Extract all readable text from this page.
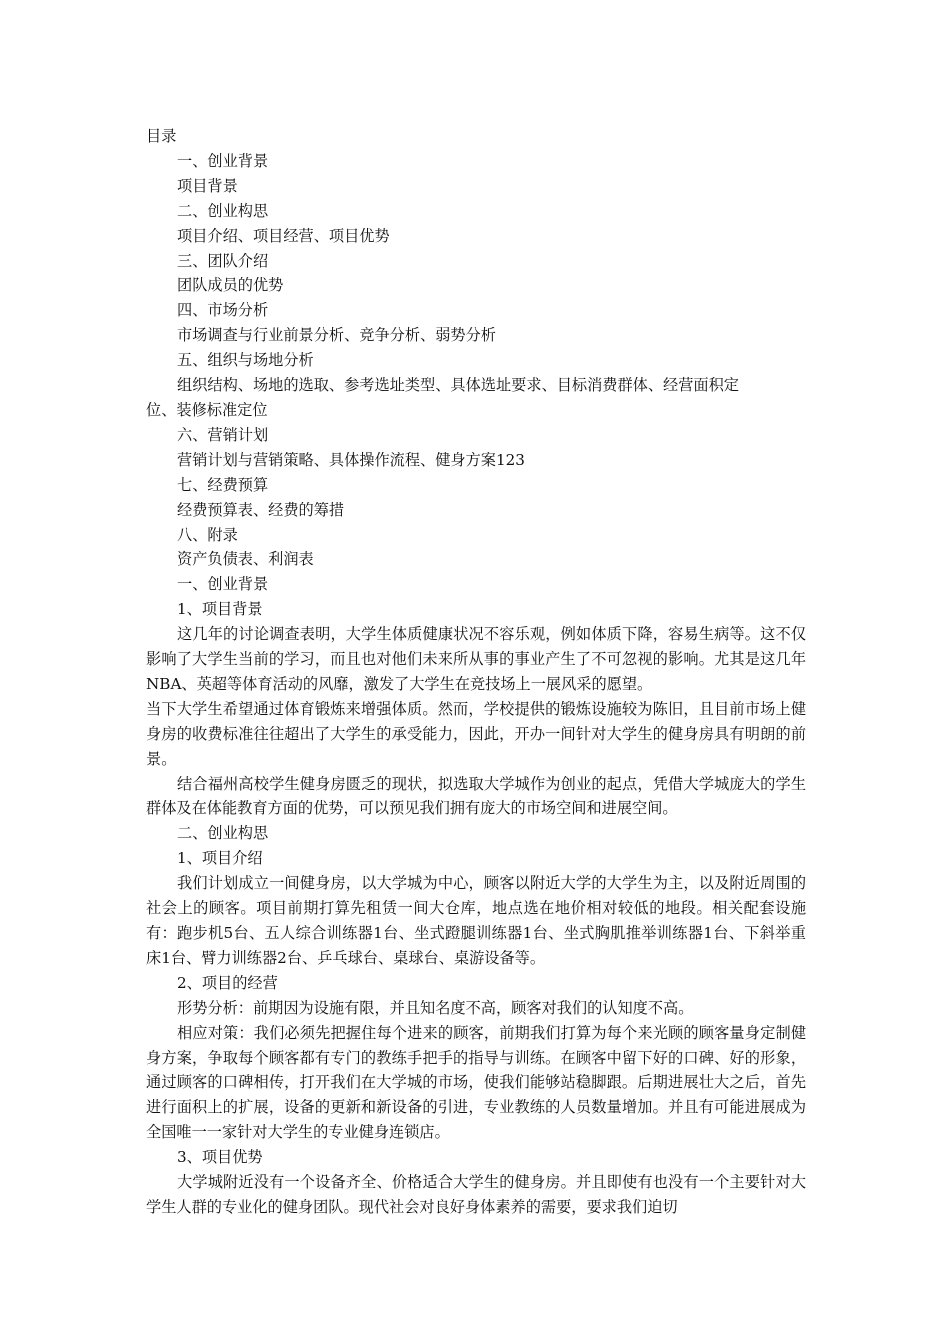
目录
一、创业背景
项目背景
二、创业构思
项目介绍、项目经营、项目优势
三、团队介绍
团队成员的优势
四、市场分析
市场调查与行业前景分析、竞争分析、弱势分析
五、组织与场地分析
组织结构、场地的选取、参考选址类型、具体选址要求、目标消费群体、经营面积定
位、装修标准定位
六、营销计划
营销计划与营销策略、具体操作流程、健身方案123
七、经费预算
经费预算表、经费的筹措
八、附录
资产负债表、利润表
一、创业背景
1、项目背景
这几年的讨论调查表明，大学生体质健康状况不容乐观，例如体质下降，容易生病等。这不仅影响了大学生当前的学习，而且也对他们未来所从事的事业产生了不可忽视的影响。尤其是这几年NBA、英超等体育活动的风靡，激发了大学生在竞技场上一展风采的愿望。
当下大学生希望通过体育锻炼来增强体质。然而，学校提供的锻炼设施较为陈旧，且目前市场上健身房的收费标准往往超出了大学生的承受能力，因此，开办一间针对大学生的健身房具有明朗的前景。
结合福州高校学生健身房匮乏的现状，拟选取大学城作为创业的起点，凭借大学城庞大的学生群体及在体能教育方面的优势，可以预见我们拥有庞大的市场空间和进展空间。
二、创业构思
1、项目介绍
我们计划成立一间健身房，以大学城为中心，顾客以附近大学的大学生为主，以及附近周围的社会上的顾客。项目前期打算先租赁一间大仓库，地点选在地价相对较低的地段。相关配套设施有：跑步机5台、五人综合训练器1台、坐式蹬腿训练器1台、坐式胸肌推举训练器1台、下斜举重床1台、臂力训练器2台、乒乓球台、桌球台、桌游设备等。
2、项目的经营
形势分析：前期因为设施有限，并且知名度不高，顾客对我们的认知度不高。
相应对策：我们必须先把握住每个进来的顾客，前期我们打算为每个来光顾的顾客量身定制健身方案，争取每个顾客都有专门的教练手把手的指导与训练。在顾客中留下好的口碑、好的形象，通过顾客的口碑相传，打开我们在大学城的市场，使我们能够站稳脚跟。后期进展壮大之后，首先进行面积上的扩展，设备的更新和新设备的引进，专业教练的人员数量增加。并且有可能进展成为全国唯一一家针对大学生的专业健身连锁店。
3、项目优势
大学城附近没有一个设备齐全、价格适合大学生的健身房。并且即使有也没有一个主要针对大学生人群的专业化的健身团队。现代社会对良好身体素养的需要，要求我们迫切
